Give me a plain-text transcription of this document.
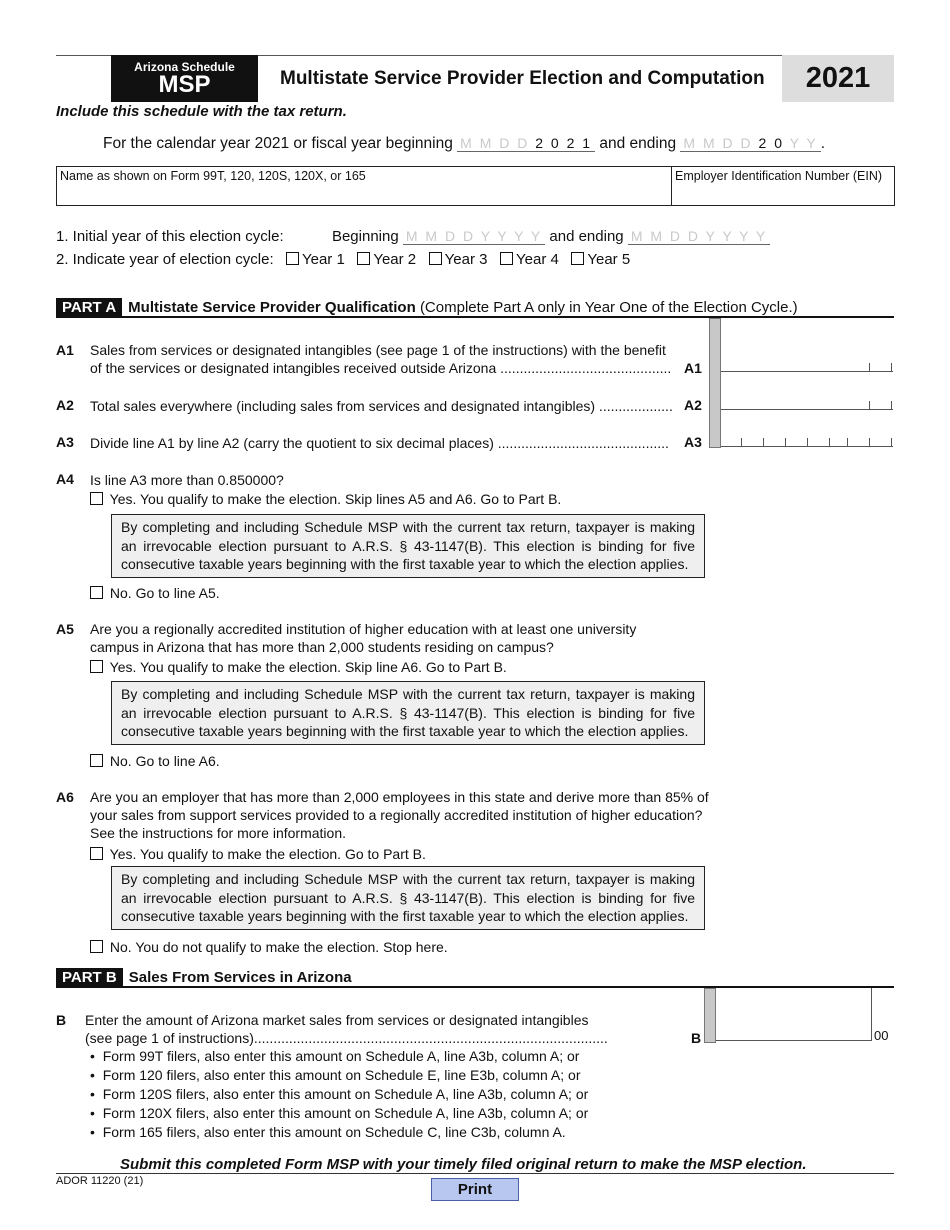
Arizona Schedule
MSP	Multistate Service Provider Election and Computation	2021
Include this schedule with the tax return.
For the calendar year 2021 or fiscal year beginning M M D D 2 0 2 1 and ending M M D D 2 0 Y Y .
Name as shown on Form 99T, 120, 120S, 120X, or 165	Employer Identification Number (EIN)
1. Initial year of this election cycle:	Beginning M M D D Y Y Y Y and ending M M D D Y Y Y Y
2. Indicate year of election cycle: Year 1 Year 2 Year 3 Year 4 Year 5
PART A Multistate Service Provider Qualification (Complete Part A only in Year One of the Election Cycle.)
A1 Sales from services or designated intangibles (see page 1 of the instructions) with the benefit
of the services or designated intangibles received outside Arizona ............................................ A1
A2 Total sales everywhere (including sales from services and designated intangibles) ................... A2
A3 Divide line A1 by line A2 (carry the quotient to six decimal places) ............................................ A3
A4 Is line A3 more than 0.850000?
Yes. You qualify to make the election. Skip lines A5 and A6. Go to Part B.
By completing and including Schedule MSP with the current tax return, taxpayer is making an irrevocable election pursuant to A.R.S. § 43-1147(B). This election is binding for five consecutive taxable years beginning with the first taxable year to which the election applies.
No. Go to line A5.
A5 Are you a regionally accredited institution of higher education with at least one university
campus in Arizona that has more than 2,000 students residing on campus?
Yes. You qualify to make the election. Skip line A6. Go to Part B.
By completing and including Schedule MSP with the current tax return, taxpayer is making an irrevocable election pursuant to A.R.S. § 43-1147(B). This election is binding for five consecutive taxable years beginning with the first taxable year to which the election applies.
No. Go to line A6.
A6 Are you an employer that has more than 2,000 employees in this state and derive more than 85% of
your sales from support services provided to a regionally accredited institution of higher education?
See the instructions for more information.
Yes. You qualify to make the election. Go to Part B.
By completing and including Schedule MSP with the current tax return, taxpayer is making an irrevocable election pursuant to A.R.S. § 43-1147(B). This election is binding for five consecutive taxable years beginning with the first taxable year to which the election applies.
No. You do not qualify to make the election. Stop here.
PART B Sales From Services in Arizona
B Enter the amount of Arizona market sales from services or designated intangibles
(see page 1 of instructions)...........................................................................................	B	00
•  Form 99T filers, also enter this amount on Schedule A, line A3b, column A; or
•  Form 120 filers, also enter this amount on Schedule E, line E3b, column A; or
•  Form 120S filers, also enter this amount on Schedule A, line A3b, column A; or
•  Form 120X filers, also enter this amount on Schedule A, line A3b, column A; or
•  Form 165 filers, also enter this amount on Schedule C, line C3b, column A.
Submit this completed Form MSP with your timely filed original return to make the MSP election.
ADOR 11220 (21)	Print
